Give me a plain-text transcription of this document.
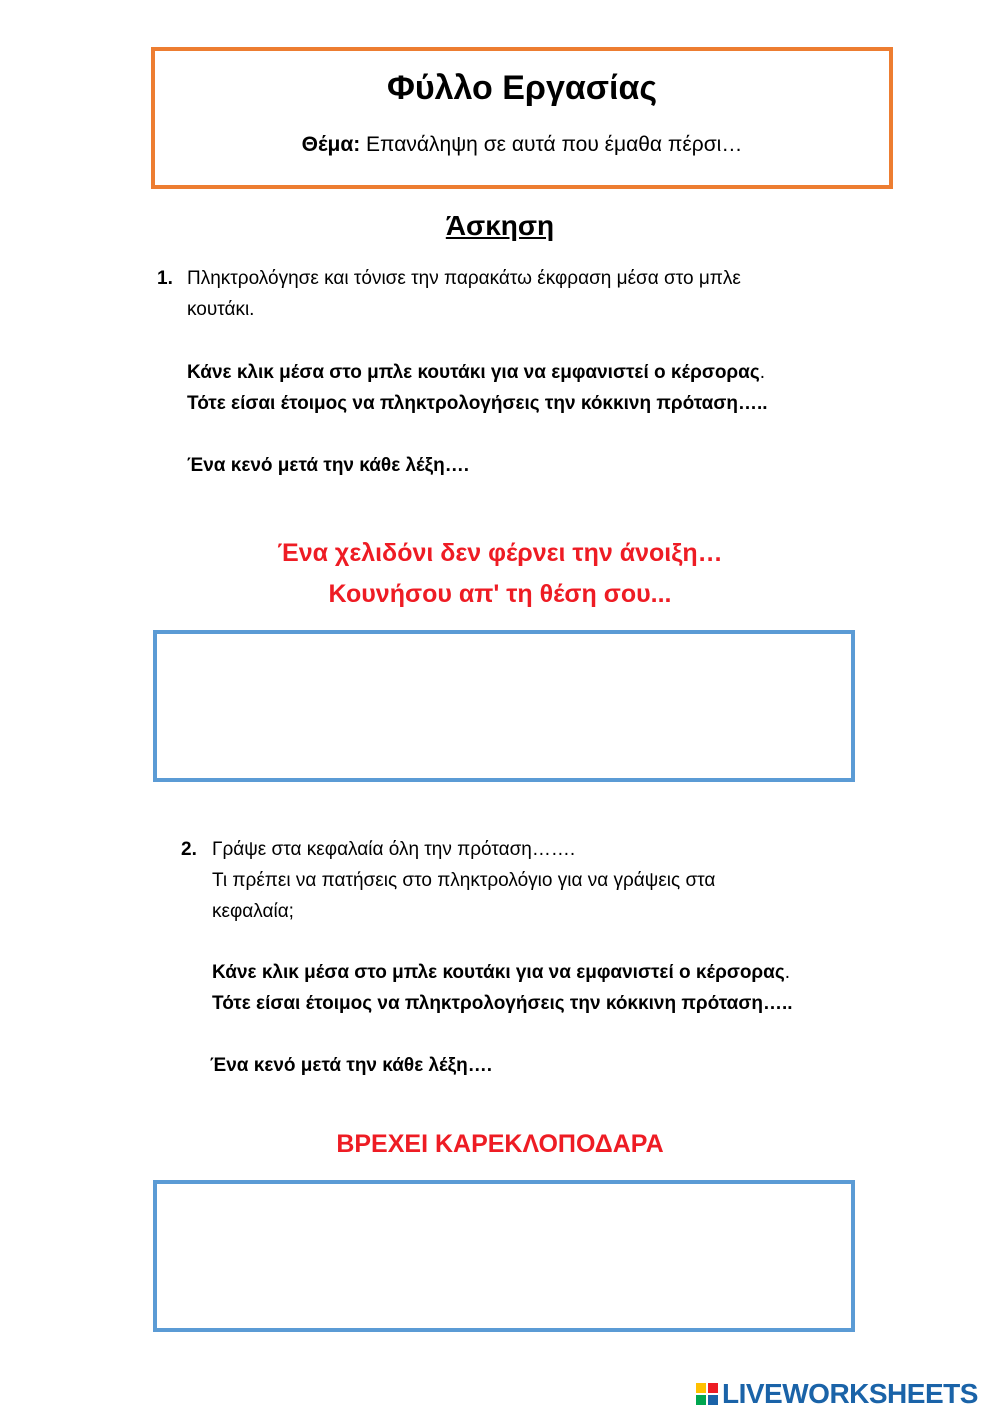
Φύλλο Εργασίας
Θέμα: Επανάληψη σε αυτά που έμαθα πέρσι…
Άσκηση
1. Πληκτρολόγησε και τόνισε την παρακάτω έκφραση μέσα στο μπλε
κουτάκι.
Κάνε κλικ μέσα στο μπλε κουτάκι για να εμφανιστεί ο κέρσορας.
Τότε είσαι έτοιμος να πληκτρολογήσεις την κόκκινη πρόταση…..
Ένα κενό μετά την κάθε λέξη….
Ένα χελιδόνι δεν φέρνει την άνοιξη…
Κουνήσου απ' τη θέση σου...
2. Γράψε στα κεφαλαία όλη την πρόταση…….
Τι πρέπει να πατήσεις στο πληκτρολόγιο για να γράψεις στα
κεφαλαία;
Κάνε κλικ μέσα στο μπλε κουτάκι για να εμφανιστεί ο κέρσορας.
Τότε είσαι έτοιμος να πληκτρολογήσεις την κόκκινη πρόταση…..
Ένα κενό μετά την κάθε λέξη….
ΒΡΕΧΕΙ ΚΑΡΕΚΛΟΠΟΔΑΡΑ
LIVEWORKSHEETS
